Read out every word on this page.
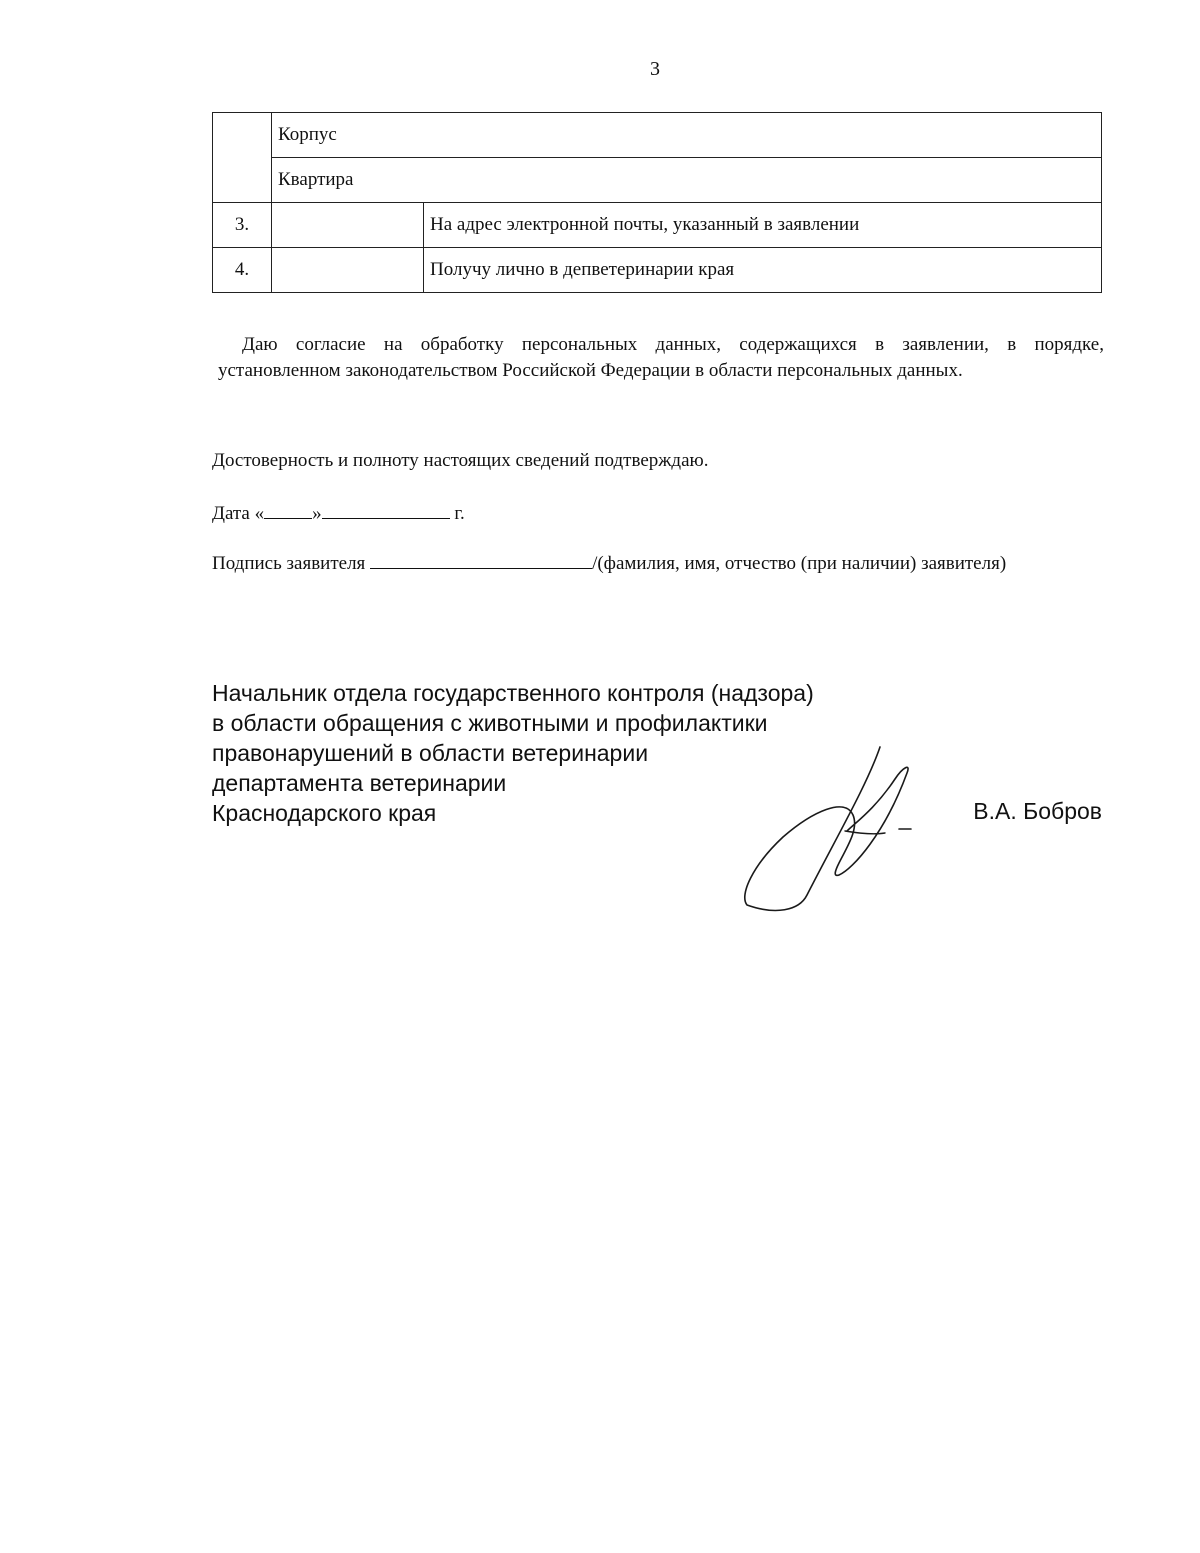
3
	Корпус	
	Квартира	
3.		На адрес электронной почты, указанный в заявлении
4.		Получу лично в депветеринарии края
Даю согласие на обработку персональных данных, содержащихся в заявлении, в порядке,
установленном законодательством Российской Федерации в области персональных данных.
Достоверность и полноту настоящих сведений подтверждаю.
Дата «	»	г.
Подпись заявителя	/(фамилия, имя, отчество (при наличии) заявителя)
Начальник отдела государственного контроля (надзора)
в области обращения с животными и профилактики
правонарушений в области ветеринарии
департамента ветеринарии
Краснодарского края	В.А. Бобров
